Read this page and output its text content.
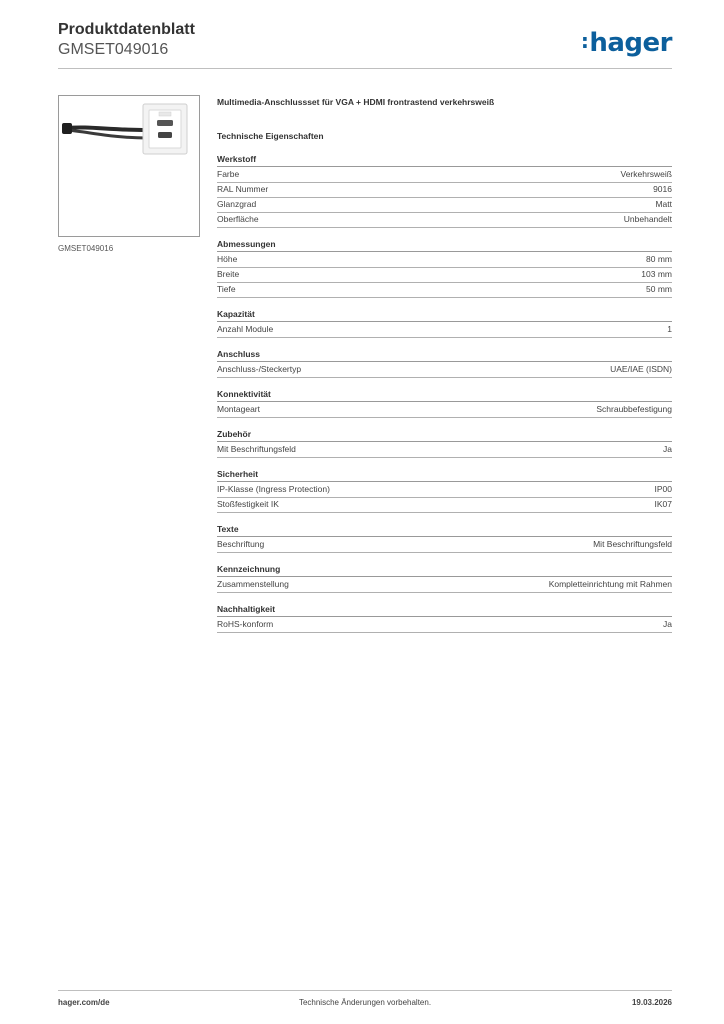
Produktdatenblatt
GMSET049016	:hager
GMSET049016
Multimedia-Anschlussset für VGA + HDMI frontrastend verkehrsweiß
Technische Eigenschaften
Werkstoff
Farbe	Verkehrsweiß
RAL Nummer	9016
Glanzgrad	Matt
Oberfläche	Unbehandelt
Abmessungen
Höhe	80 mm
Breite	103 mm
Tiefe	50 mm
Kapazität
Anzahl Module	1
Anschluss
Anschluss-/Steckertyp	UAE/IAE (ISDN)
Konnektivität
Montageart	Schraubbefestigung
Zubehör
Mit Beschriftungsfeld	Ja
Sicherheit
IP-Klasse (Ingress Protection)	IP00
Stoßfestigkeit IK	IK07
Texte
Beschriftung	Mit Beschriftungsfeld
Kennzeichnung
Zusammenstellung	Kompletteinrichtung mit Rahmen
Nachhaltigkeit
RoHS-konform	Ja
hager.com/de	Technische Änderungen vorbehalten.	19.03.2026
